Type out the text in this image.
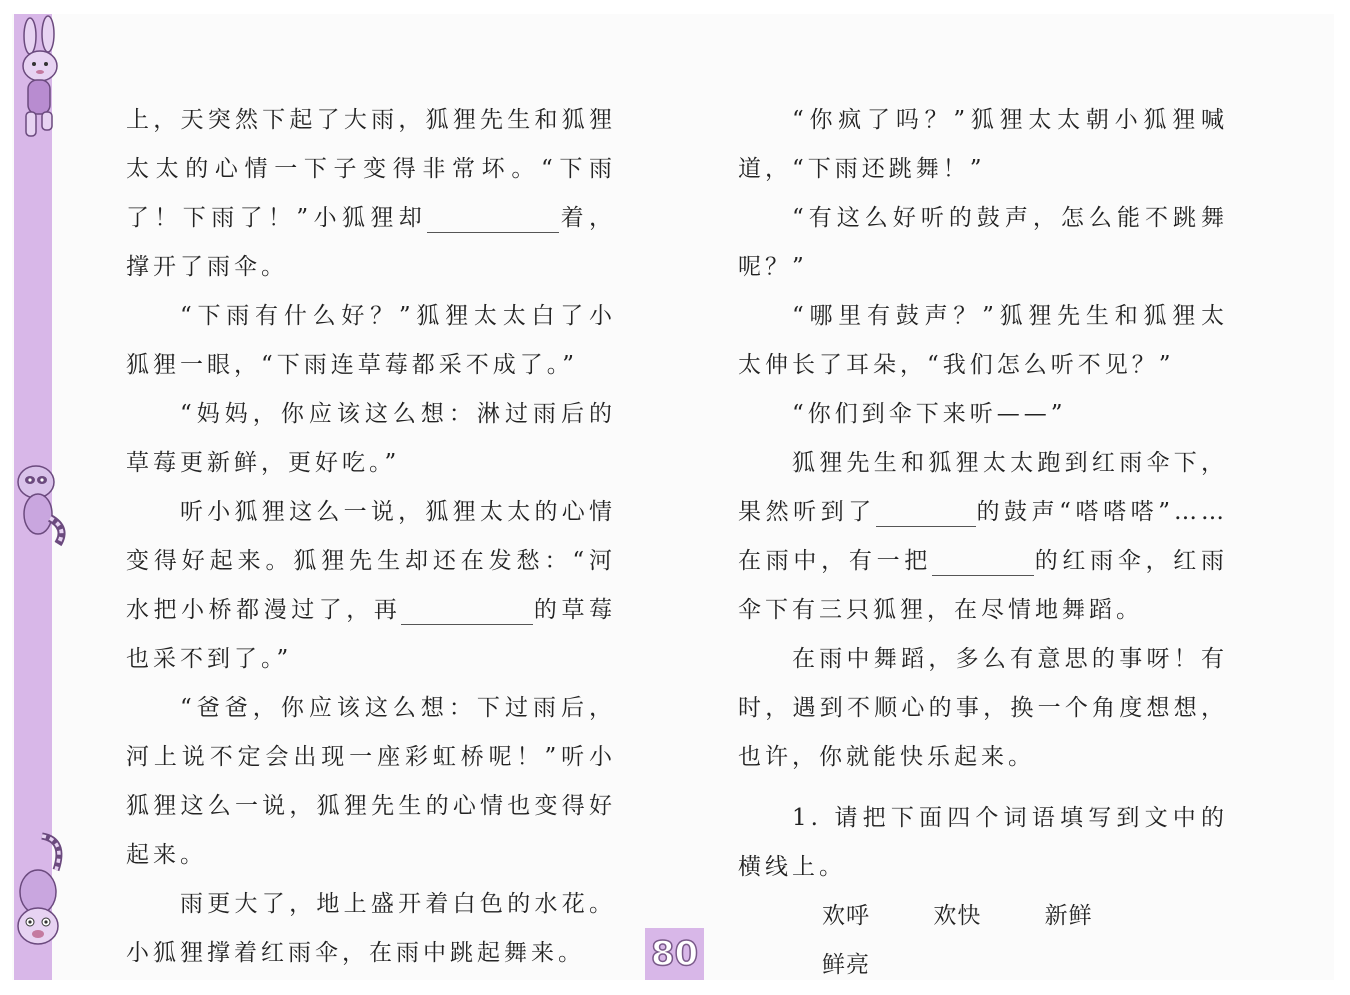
上，天突然下起了大雨，狐狸先生和狐狸太太的心情一下子变得非常坏。“下雨了！下雨了！”小狐狸却	着，撑开了雨伞。

“下雨有什么好？”狐狸太太白了小狐狸一眼，“下雨连草莓都采不成了。”

“妈妈，你应该这么想：淋过雨后的草莓更新鲜，更好吃。”

听小狐狸这么一说，狐狸太太的心情变得好起来。狐狸先生却还在发愁：“河水把小桥都漫过了，再	的草莓也采不到了。”

“爸爸，你应该这么想：下过雨后，河上说不定会出现一座彩虹桥呢！”听小狐狸这么一说，狐狸先生的心情也变得好起来。

雨更大了，地上盛开着白色的水花。小狐狸撑着红雨伞，在雨中跳起舞来。

“你疯了吗？”狐狸太太朝小狐狸喊道，“下雨还跳舞！”

“有这么好听的鼓声，怎么能不跳舞呢？”

“哪里有鼓声？”狐狸先生和狐狸太太伸长了耳朵，“我们怎么听不见？”

“你们到伞下来听——”

狐狸先生和狐狸太太跑到红雨伞下，果然听到了	的鼓声“嗒嗒嗒”……在雨中，有一把	的红雨伞，红雨伞下有三只狐狸，在尽情地舞蹈。

在雨中舞蹈，多么有意思的事呀！有时，遇到不顺心的事，换一个角度想想，也许，你就能快乐起来。

1. 请把下面四个词语填写到文中的横线上。

欢呼	欢快	新鲜 鲜亮
80
